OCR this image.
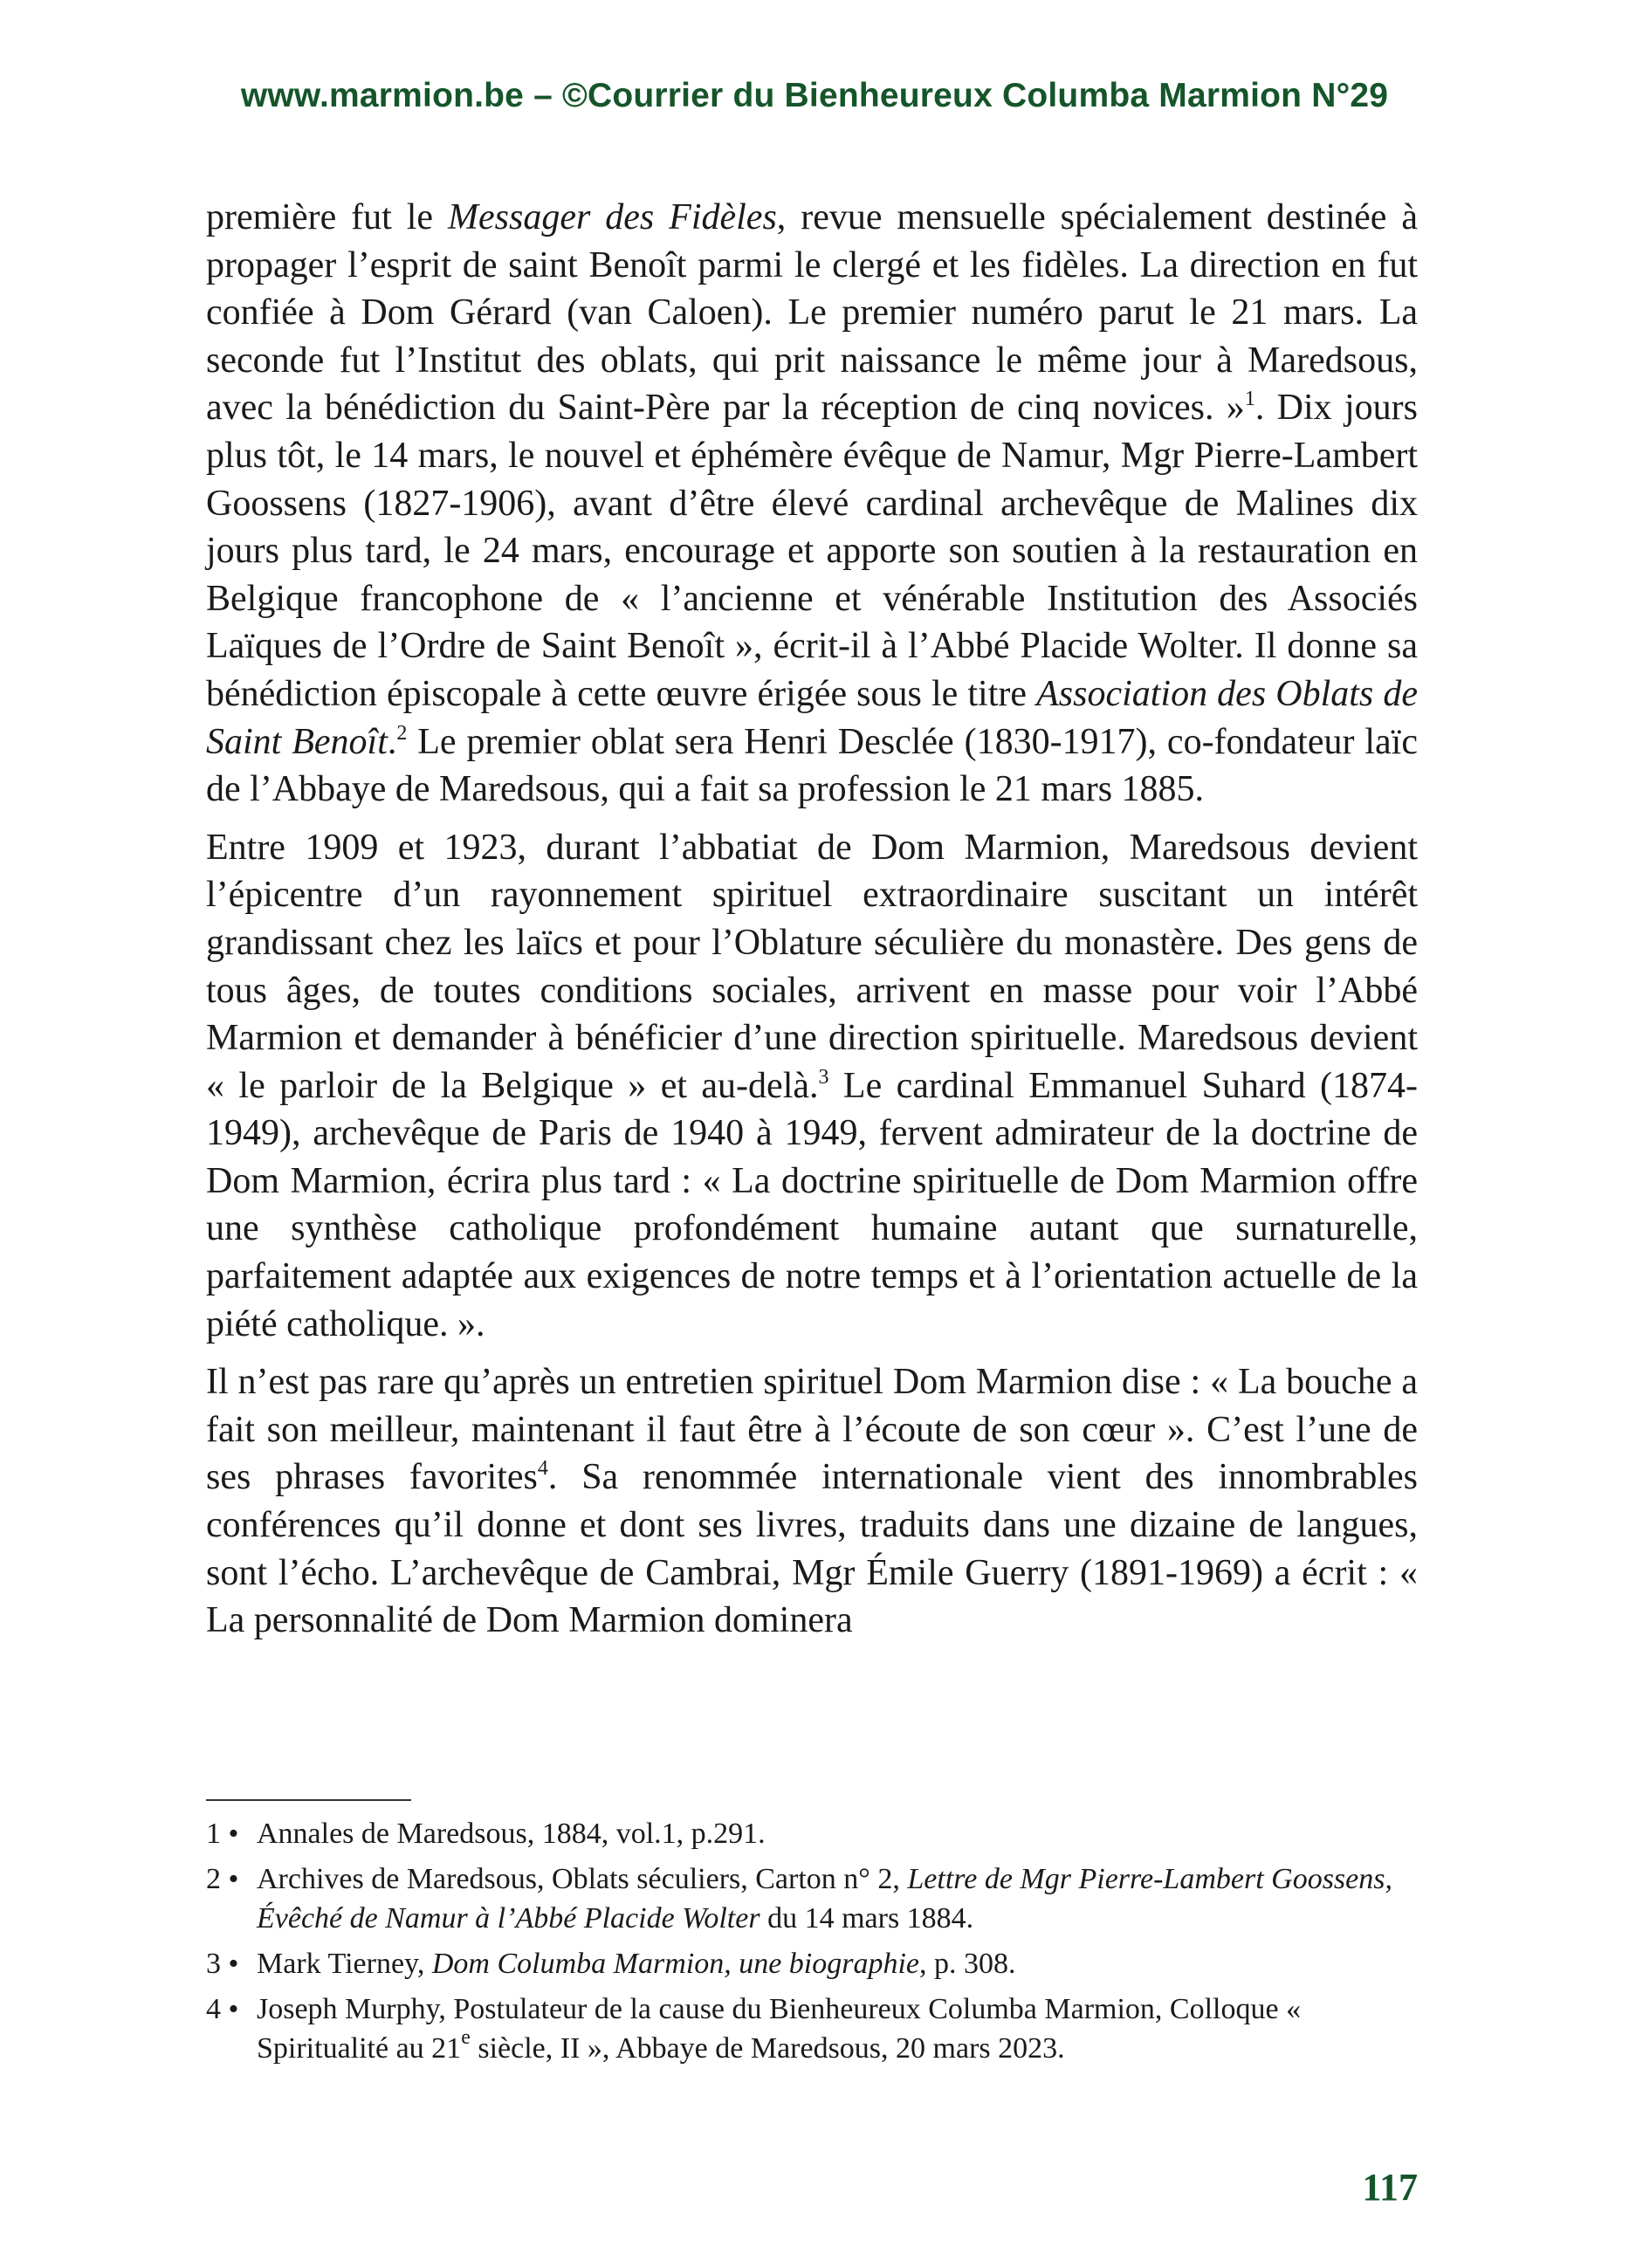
www.marmion.be – ©Courrier du Bienheureux Columba Marmion N°29

première fut le Messager des Fidèles, revue mensuelle spécialement destinée à propager l’esprit de saint Benoît parmi le clergé et les fidèles. La direction en fut confiée à Dom Gérard (van Caloen). Le premier numéro parut le 21 mars. La seconde fut l’Institut des oblats, qui prit naissance le même jour à Maredsous, avec la bénédiction du Saint-Père par la réception de cinq novices. »$^1$. Dix jours plus tôt, le 14 mars, le nouvel et éphémère évêque de Namur, Mgr Pierre-Lambert Goossens (1827-1906), avant d’être élevé cardinal archevêque de Malines dix jours plus tard, le 24 mars, encourage et apporte son soutien à la restauration en Belgique francophone de « l’ancienne et vénérable Institution des Associés Laïques de l’Ordre de Saint Benoît », écrit-il à l’Abbé Placide Wolter. Il donne sa bénédiction épiscopale à cette œuvre érigée sous le titre Association des Oblats de Saint Benoît.$^2$ Le premier oblat sera Henri Desclée (1830-1917), co-fondateur laïc de l’Abbaye de Maredsous, qui a fait sa profession le 21 mars 1885.

Entre 1909 et 1923, durant l’abbatiat de Dom Marmion, Maredsous devient l’épicentre d’un rayonnement spirituel extraordinaire suscitant un intérêt grandissant chez les laïcs et pour l’Oblature séculière du monastère. Des gens de tous âges, de toutes conditions sociales, arrivent en masse pour voir l’Abbé Marmion et demander à bénéficier d’une direction spirituelle. Maredsous devient « le parloir de la Belgique » et au-delà.$^3$ Le cardinal Emmanuel Suhard (1874-1949), archevêque de Paris de 1940 à 1949, fervent admirateur de la doctrine de Dom Marmion, écrira plus tard : « La doctrine spirituelle de Dom Marmion offre une synthèse catholique profondément humaine autant que surnaturelle, parfaitement adaptée aux exigences de notre temps et à l’orientation actuelle de la piété catholique. ».

Il n’est pas rare qu’après un entretien spirituel Dom Marmion dise : « La bouche a fait son meilleur, maintenant il faut être à l’écoute de son cœur ». C’est l’une de ses phrases favorites$^4$. Sa renommée internationale vient des innombrables conférences qu’il donne et dont ses livres, traduits dans une dizaine de langues, sont l’écho. L’archevêque de Cambrai, Mgr Émile Guerry (1891-1969) a écrit : « La personnalité de Dom Marmion dominera

1 • Annales de Maredsous, 1884, vol.1, p.291.
2 • Archives de Maredsous, Oblats séculiers, Carton n° 2, Lettre de Mgr Pierre-Lambert Goossens, Évêché de Namur à l’Abbé Placide Wolter du 14 mars 1884.
3 • Mark Tierney, Dom Columba Marmion, une biographie, p. 308.
4 • Joseph Murphy, Postulateur de la cause du Bienheureux Columba Marmion, Colloque « Spiritualité au 21e siècle, II », Abbaye de Maredsous, 20 mars 2023.
117
